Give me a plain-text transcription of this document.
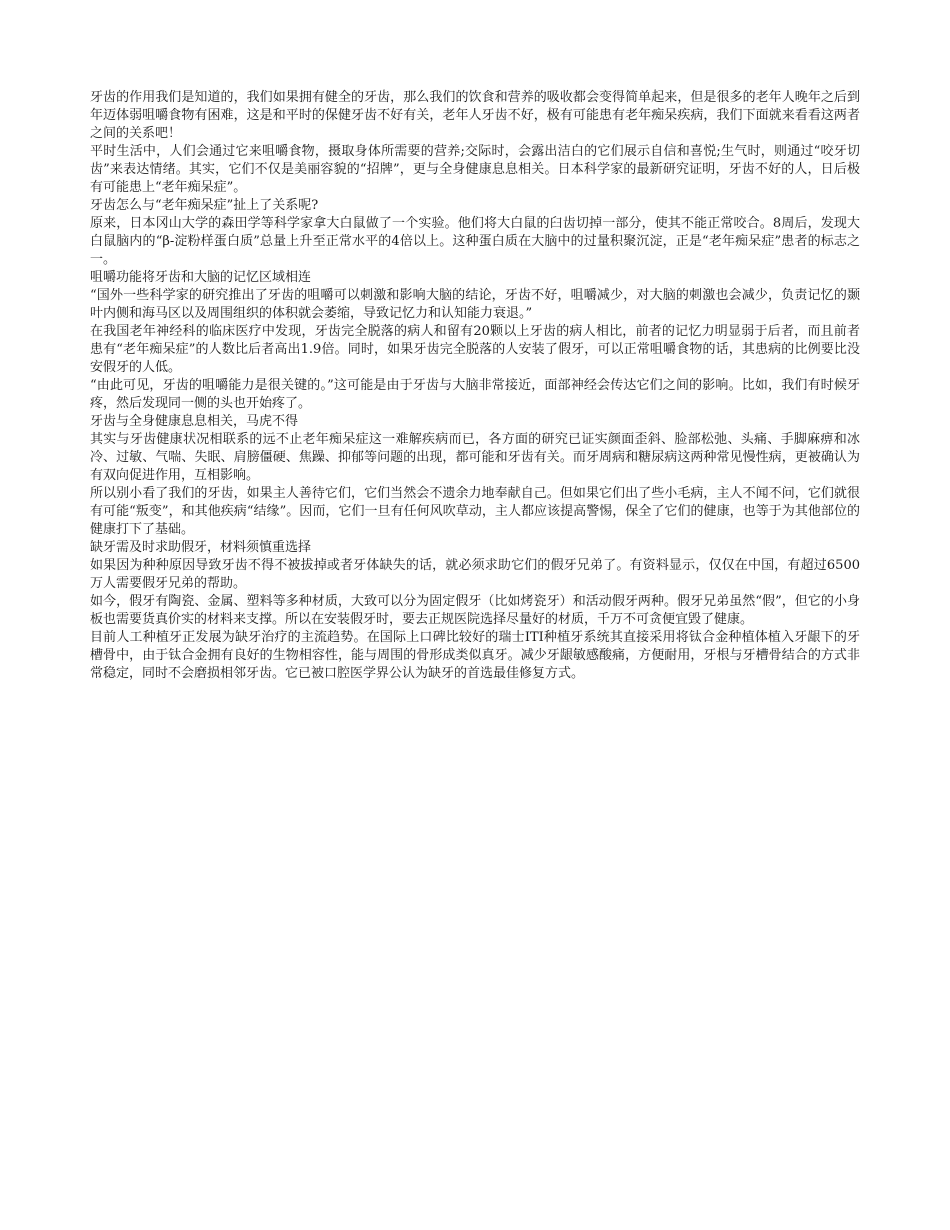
牙齿的作用我们是知道的，我们如果拥有健全的牙齿，那么我们的饮食和营养的吸收都会变得简单起来，但是很多的老年人晚年之后到年迈体弱咀嚼食物有困难，这是和平时的保健牙齿不好有关，老年人牙齿不好，极有可能患有老年痴呆疾病，我们下面就来看看这两者之间的关系吧！

平时生活中，人们会通过它来咀嚼食物，摄取身体所需要的营养;交际时，会露出洁白的它们展示自信和喜悦;生气时，则通过“咬牙切齿”来表达情绪。其实，它们不仅是美丽容貌的“招牌”，更与全身健康息息相关。日本科学家的最新研究证明，牙齿不好的人，日后极有可能患上“老年痴呆症”。

牙齿怎么与“老年痴呆症”扯上了关系呢?

原来，日本冈山大学的森田学等科学家拿大白鼠做了一个实验。他们将大白鼠的臼齿切掉一部分，使其不能正常咬合。8周后，发现大白鼠脑内的“β-淀粉样蛋白质”总量上升至正常水平的4倍以上。这种蛋白质在大脑中的过量积聚沉淀，正是“老年痴呆症”患者的标志之一。

咀嚼功能将牙齿和大脑的记忆区域相连

“国外一些科学家的研究推出了牙齿的咀嚼可以刺激和影响大脑的结论，牙齿不好，咀嚼减少，对大脑的刺激也会减少，负责记忆的颞叶内侧和海马区以及周围组织的体积就会萎缩，导致记忆力和认知能力衰退。”

在我国老年神经科的临床医疗中发现，牙齿完全脱落的病人和留有20颗以上牙齿的病人相比，前者的记忆力明显弱于后者，而且前者患有“老年痴呆症”的人数比后者高出1.9倍。同时，如果牙齿完全脱落的人安装了假牙，可以正常咀嚼食物的话，其患病的比例要比没安假牙的人低。

“由此可见，牙齿的咀嚼能力是很关键的。”这可能是由于牙齿与大脑非常接近，面部神经会传达它们之间的影响。比如，我们有时候牙疼，然后发现同一侧的头也开始疼了。

牙齿与全身健康息息相关，马虎不得

其实与牙齿健康状况相联系的远不止老年痴呆症这一难解疾病而已，各方面的研究已证实颜面歪斜、脸部松弛、头痛、手脚麻痹和冰冷、过敏、气喘、失眠、肩膀僵硬、焦躁、抑郁等问题的出现，都可能和牙齿有关。而牙周病和糖尿病这两种常见慢性病，更被确认为有双向促进作用，互相影响。

所以别小看了我们的牙齿，如果主人善待它们，它们当然会不遗余力地奉献自己。但如果它们出了些小毛病，主人不闻不问，它们就很有可能“叛变”，和其他疾病“结缘”。因而，它们一旦有任何风吹草动，主人都应该提高警惕，保全了它们的健康，也等于为其他部位的健康打下了基础。

缺牙需及时求助假牙，材料须慎重选择

如果因为种种原因导致牙齿不得不被拔掉或者牙体缺失的话，就必须求助它们的假牙兄弟了。有资料显示，仅仅在中国，有超过6500万人需要假牙兄弟的帮助。

如今，假牙有陶瓷、金属、塑料等多种材质，大致可以分为固定假牙（比如烤瓷牙）和活动假牙两种。假牙兄弟虽然“假”，但它的小身板也需要货真价实的材料来支撑。所以在安装假牙时，要去正规医院选择尽量好的材质，千万不可贪便宜毁了健康。

目前人工种植牙正发展为缺牙治疗的主流趋势。在国际上口碑比较好的瑞士ITI种植牙系统其直接采用将钛合金种植体植入牙龈下的牙槽骨中，由于钛合金拥有良好的生物相容性，能与周围的骨形成类似真牙。减少牙龈敏感酸痛，方便耐用，牙根与牙槽骨结合的方式非常稳定，同时不会磨损相邻牙齿。它已被口腔医学界公认为缺牙的首选最佳修复方式。
